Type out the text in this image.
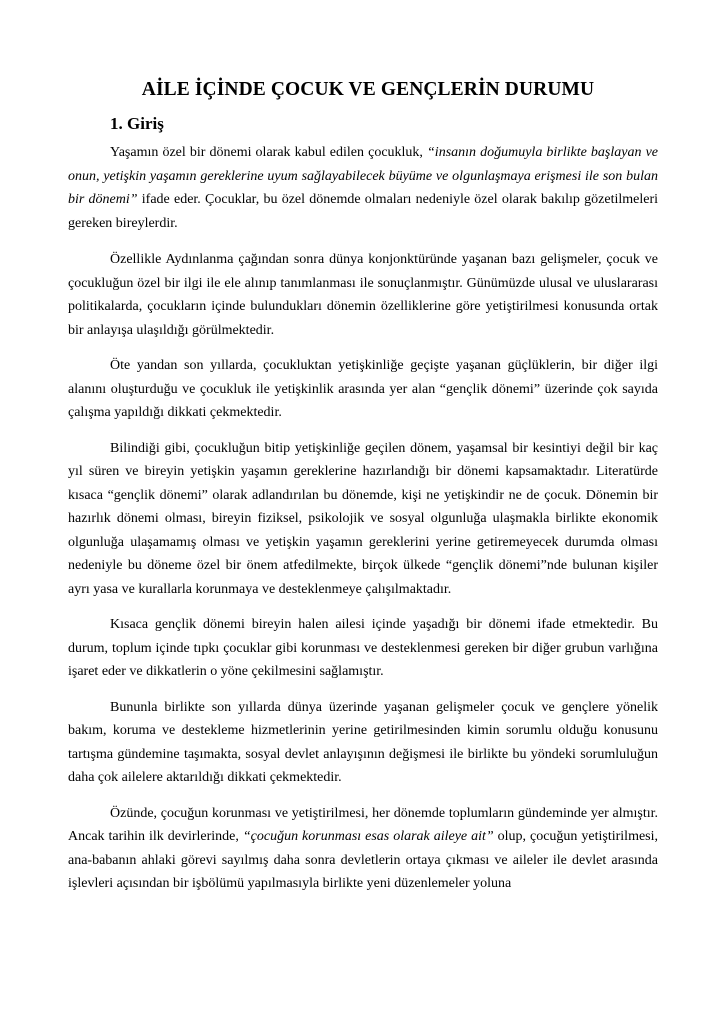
AİLE İÇİNDE ÇOCUK VE GENÇLERİN DURUMU
1. Giriş

Yaşamın özel bir dönemi olarak kabul edilen çocukluk, “insanın doğumuyla birlikte başlayan ve onun, yetişkin yaşamın gereklerine uyum sağlayabilecek büyüme ve olgunlaşmaya erişmesi ile son bulan bir dönemi” ifade eder. Çocuklar, bu özel dönemde olmaları nedeniyle özel olarak bakılıp gözetilmeleri gereken bireylerdir.

Özellikle Aydınlanma çağından sonra dünya konjonktüründe yaşanan bazı gelişmeler, çocuk ve çocukluğun özel bir ilgi ile ele alınıp tanımlanması ile sonuçlanmıştır. Günümüzde ulusal ve uluslararası politikalarda, çocukların içinde bulundukları dönemin özelliklerine göre yetiştirilmesi konusunda ortak bir anlayışa ulaşıldığı görülmektedir.

Öte yandan son yıllarda, çocukluktan yetişkinliğe geçişte yaşanan güçlüklerin, bir diğer ilgi alanını oluşturduğu ve çocukluk ile yetişkinlik arasında yer alan “gençlik dönemi” üzerinde çok sayıda çalışma yapıldığı dikkati çekmektedir.

Bilindiği gibi, çocukluğun bitip yetişkinliğe geçilen dönem, yaşamsal bir kesintiyi değil bir kaç yıl süren ve bireyin yetişkin yaşamın gereklerine hazırlandığı bir dönemi kapsamaktadır. Literatürde kısaca “gençlik dönemi” olarak adlandırılan bu dönemde, kişi ne yetişkindir ne de çocuk. Dönemin bir hazırlık dönemi olması, bireyin fiziksel, psikolojik ve sosyal olgunluğa ulaşmakla birlikte ekonomik olgunluğa ulaşamamış olması ve yetişkin yaşamın gereklerini yerine getiremeyecek durumda olması nedeniyle bu döneme özel bir önem atfedilmekte, birçok ülkede “gençlik dönemi”nde bulunan kişiler ayrı yasa ve kurallarla korunmaya ve desteklenmeye çalışılmaktadır.

Kısaca gençlik dönemi bireyin halen ailesi içinde yaşadığı bir dönemi ifade etmektedir. Bu durum, toplum içinde tıpkı çocuklar gibi korunması ve desteklenmesi gereken bir diğer grubun varlığına işaret eder ve dikkatlerin o yöne çekilmesini sağlamıştır.

Bununla birlikte son yıllarda dünya üzerinde yaşanan gelişmeler çocuk ve gençlere yönelik bakım, koruma ve destekleme hizmetlerinin yerine getirilmesinden kimin sorumlu olduğu konusunu tartışma gündemine taşımakta, sosyal devlet anlayışının değişmesi ile birlikte bu yöndeki sorumluluğun daha çok ailelere aktarıldığı dikkati çekmektedir.

Özünde, çocuğun korunması ve yetiştirilmesi, her dönemde toplumların gündeminde yer almıştır. Ancak tarihin ilk devirlerinde, “çocuğun korunması esas olarak aileye ait” olup, çocuğun yetiştirilmesi, ana-babanın ahlaki görevi sayılmış daha sonra devletlerin ortaya çıkması ve aileler ile devlet arasında işlevleri açısından bir işbölümü yapılmasıyla birlikte yeni düzenlemeler yoluna
